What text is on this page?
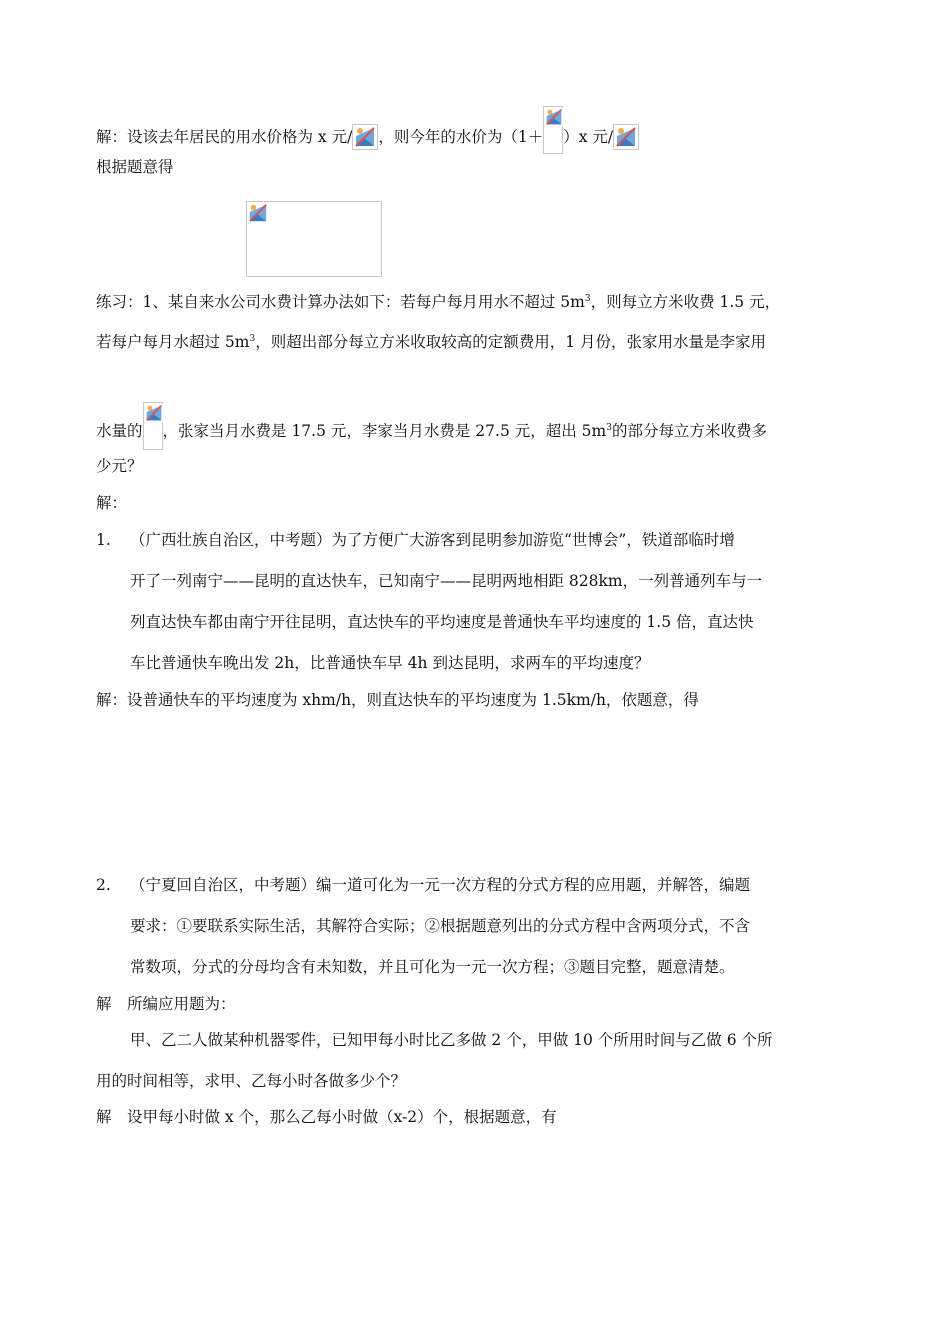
解：设该去年居民的用水价格为 x 元/ ，则今年的水价为（1＋ ）x 元/
根据题意得
练习：1、某自来水公司水费计算办法如下：若每户每月用水不超过 $5m^3$，则每立方米收费 1.5 元，
若每户每月水超过 $5m^3$，则超出部分每立方米收取较高的定额费用，1 月份，张家用水量是李家用
水量的 ，张家当月水费是 17.5 元，李家当月水费是 27.5 元，超出 $5m^3$的部分每立方米收费多
少元？
解：
1. （广西壮族自治区，中考题）为了方便广大游客到昆明参加游览“世博会”，铁道部临时增
开了一列南宁——昆明的直达快车，已知南宁——昆明两地相距 828km，一列普通列车与一
列直达快车都由南宁开往昆明，直达快车的平均速度是普通快车平均速度的 1.5 倍，直达快
车比普通快车晚出发 2h，比普通快车早 4h 到达昆明，求两车的平均速度？
解：设普通快车的平均速度为 xhm/h，则直达快车的平均速度为 1.5km/h，依题意，得
2. （宁夏回自治区，中考题）编一道可化为一元一次方程的分式方程的应用题，并解答，编题
要求：①要联系实际生活，其解符合实际；②根据题意列出的分式方程中含两项分式，不含
常数项，分式的分母均含有未知数，并且可化为一元一次方程；③题目完整，题意清楚。
解　所编应用题为：
甲、乙二人做某种机器零件，已知甲每小时比乙多做 2 个，甲做 10 个所用时间与乙做 6 个所
用的时间相等，求甲、乙每小时各做多少个？
解　设甲每小时做 x 个，那么乙每小时做（x-2）个，根据题意，有
